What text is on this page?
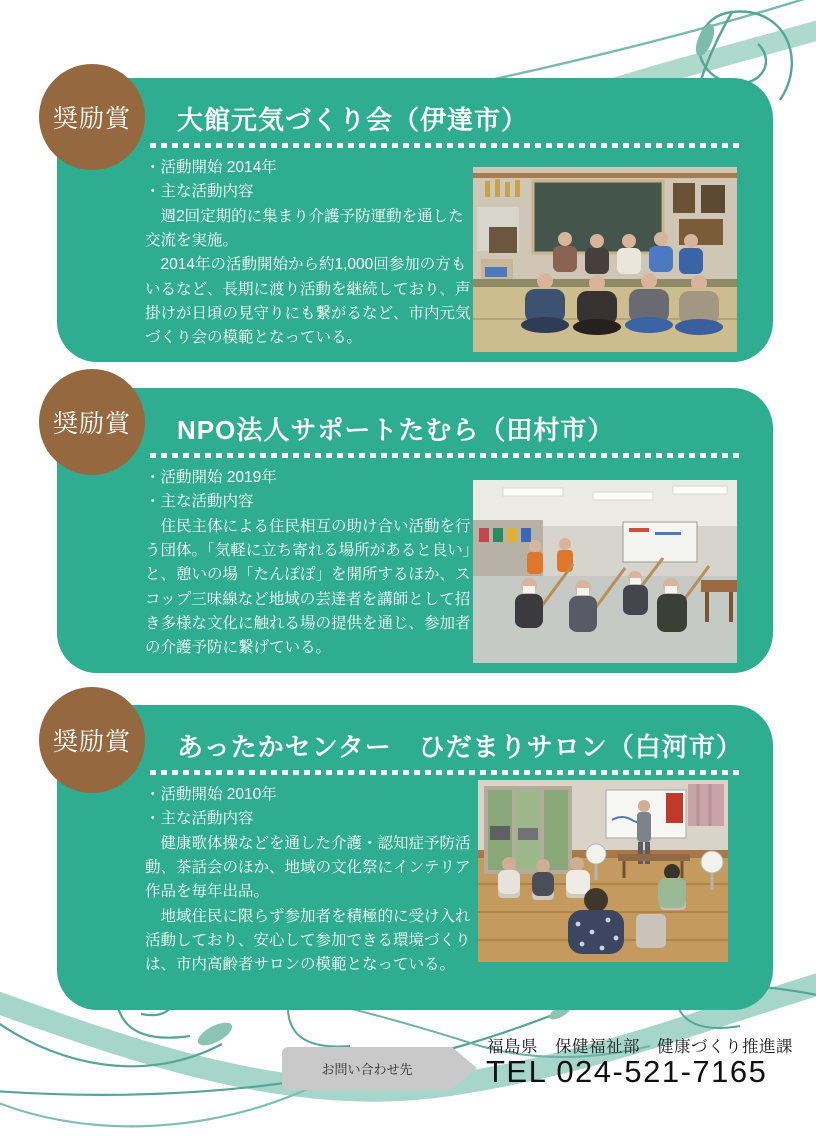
大館元気づくり会（伊達市）

・活動開始 2014年

・主な活動内容

　週2回定期的に集まり介護予防運動を通した交流を実施。

　2014年の活動開始から約1,000回参加の方もいるなど、長期に渡り活動を継続しており、声掛けが日頃の見守りにも繋がるなど、市内元気づくり会の模範となっている。

奨励賞
NPO法人サポートたむら（田村市）

・活動開始 2019年

・主な活動内容

　住民主体による住民相互の助け合い活動を行う団体。「気軽に立ち寄れる場所があると良い」と、憩いの場「たんぽぽ」を開所するほか、スコップ三味線など地域の芸達者を講師として招き多様な文化に触れる場の提供を通じ、参加者の介護予防に繋げている。

奨励賞
あったかセンター　ひだまりサロン（白河市）

・活動開始 2010年

・主な活動内容

　健康歌体操などを通した介護・認知症予防活動、茶話会のほか、地域の文化祭にインテリア作品を毎年出品。

　地域住民に限らず参加者を積極的に受け入れ活動しており、安心して参加できる環境づくりは、市内高齢者サロンの模範となっている。

奨励賞
お問い合わせ先
福島県　保健福祉部　健康づくり推進課
TEL 024-521-7165
